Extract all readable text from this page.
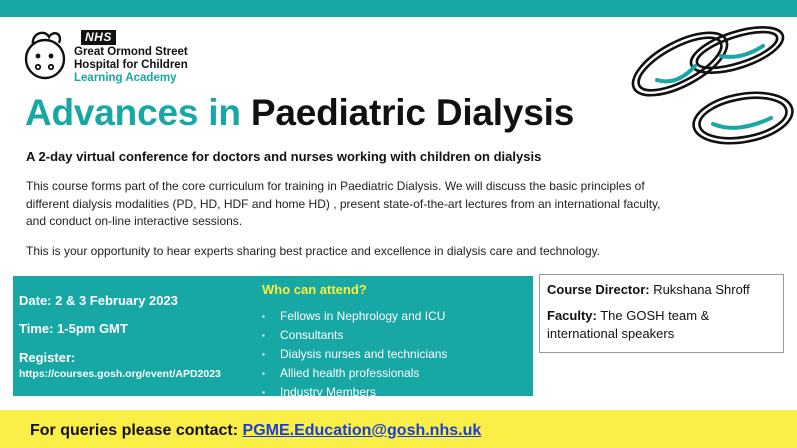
NHS
Great Ormond Street
Hospital for Children
Learning Academy
Advances in Paediatric Dialysis
A 2-day virtual conference for doctors and nurses working with children on dialysis
This course forms part of the core curriculum for training in Paediatric Dialysis. We will discuss the basic principles of different dialysis modalities (PD, HD, HDF and home HD) , present state-of-the-art lectures from an international faculty, and conduct on-line interactive sessions.
This is your opportunity to hear experts sharing best practice and excellence in dialysis care and technology.
Date: 2 & 3 February 2023
Time: 1-5pm GMT
Register:
https://courses.gosh.org/event/APD2023
Who can attend?
▪ Fellows in Nephrology and ICU
▪ Consultants
▪ Dialysis nurses and technicians
▪ Allied health professionals
▪ Industry Members
Course Director: Rukshana Shroff
Faculty: The GOSH team & international speakers
For queries please contact: PGME.Education@gosh.nhs.uk
